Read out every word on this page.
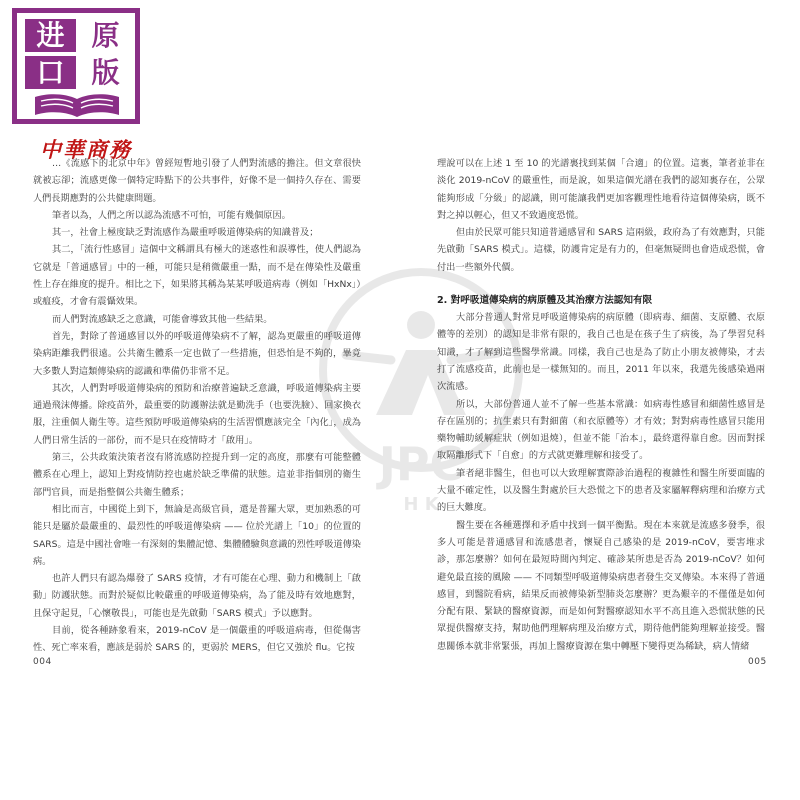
进 原
口 版
中華商務
JPC
H K

…《流感下的北京中年》曾經短暫地引發了人們對流感的擔注。但文章很快就被忘卻；流感更像一個特定時點下的公共事件，好像不是一個持久存在、需要人們長期應對的公共健康問題。

筆者以為，人們之所以認為流感不可怕，可能有幾個原因。

其一，社會上極度缺乏對流感作為嚴重呼吸道傳染病的知識普及；

其二，「流行性感冒」這個中文稱謂具有極大的迷惑性和誤導性，使人們認為它就是「普通感冒」中的一種，可能只是稍微嚴重一點，而不是在傳染性及嚴重性上存在維度的提升。相比之下，如果將其稱為某某呼吸道病毒（例如「HxNx」）或瘟疫，才會有震懾效果。

而人們對流感缺乏之意識，可能會導致其他一些結果。

首先，對除了普通感冒以外的呼吸道傳染病不了解，認為更嚴重的呼吸道傳染病距離我們很遠。公共衛生體系一定也做了一些措施，但恐怕是不夠的，畢竟大多數人對這類傳染病的認識和準備仍非常不足。

其次，人們對呼吸道傳染病的預防和治療普遍缺乏意識，呼吸道傳染病主要通過飛沫傳播。除疫苗外，最重要的防護辦法就是勤洗手（也要洗臉）、回家換衣服，注重個人衛生等。這些預防呼吸道傳染病的生活習慣應該完全「內化」，成為人們日常生活的一部份，而不是只在疫情時才「啟用」。

第三，公共政策決策者沒有將流感防控提升到一定的高度，那麼有可能整體體系在心理上，認知上對疫情防控也處於缺乏準備的狀態。這並非指個別的衛生部門官員，而是指整個公共衛生體系；

相比而言，中國從上到下，無論是高級官員，還是普羅大眾，更加熟悉的可能只是屬於最嚴重的、最烈性的呼吸道傳染病 —— 位於光譜上「10」的位置的 SARS。這是中國社會唯一有深刻的集體記憶、集體體驗與意識的烈性呼吸道傳染病。

也許人們只有認為爆發了 SARS 疫情，才有可能在心理、動力和機制上「啟動」防護狀態。而對於疑似比較嚴重的呼吸道傳染病，為了能及時有效地應對，且保守起見，「心懷敬畏」，可能也是先啟動「SARS 模式」予以應對。

目前，從各種跡象看來，2019-nCoV 是一個嚴重的呼吸道病毒，但從傷害性、死亡率來看，應該是弱於 SARS 的，更弱於 MERS，但它又強於 flu。它按

004

理說可以在上述 1 至 10 的光譜裏找到某個「合適」的位置。這裏，筆者並非在淡化 2019-nCoV 的嚴重性，而是說，如果這個光譜在我們的認知裏存在，公眾能夠形成「分級」的認識，則可能讓我們更加客觀理性地看待這個傳染病，既不對之掉以輕心，但又不致過度恐慌。

但由於民眾可能只知道普通感冒和 SARS 這兩級，政府為了有效應對，只能先啟動「SARS 模式」。這樣，防護肯定是有力的，但毫無疑問也會造成恐慌，會付出一些額外代價。

2. 對呼吸道傳染病的病原體及其治療方法認知有限

大部分普通人對常見呼吸道傳染病的病原體（即病毒、細菌、支原體、衣原體等的差別）的認知是非常有限的，我自己也是在孩子生了病後，為了學習兒科知識，才了解到這些醫學常識。同樣，我自己也是為了防止小朋友被傳染，才去打了流感疫苗，此前也是一樣無知的。而且，2011 年以來，我還先後感染過兩次流感。

所以，大部份普通人並不了解一些基本常識：如病毒性感冒和細菌性感冒是存在區別的；抗生素只有對細菌（和衣原體等）才有效；對對病毒性感冒只能用藥物輔助緩解症狀（例如退燒），但並不能「治本」，最終還得靠自愈。因而對採取隔離形式下「自愈」的方式就更難理解和接受了。

筆者絕非醫生，但也可以大致理解實際診治過程的複雜性和醫生所要面臨的大量不確定性，以及醫生對處於巨大恐慌之下的患者及家屬解釋病理和治療方式的巨大難度。

醫生要在各種選擇和矛盾中找到一個平衡點。現在本來就是流感多發季，很多人可能是普通感冒和流感患者，懷疑自己感染的是 2019-nCoV，要害堆求診，那怎麼辦？如何在最短時間內判定、確診某所患是否為 2019-nCoV？如何避免最直接的風險 —— 不同類型呼吸道傳染病患者發生交叉傳染。本來得了普通感冒，到醫院看病，結果反而被傳染新型肺炎怎麼辦？更為艱辛的不僅僅是如何分配有限、緊缺的醫療資源，而是如何對醫療認知水平不高且進入恐慌狀態的民眾提供醫療支持，幫助他們理解病理及治療方式，期待他們能夠理解並接受。醫患關係本就非常緊張，再加上醫療資源在集中轉壓下變得更為稀缺，病人情緒

005
